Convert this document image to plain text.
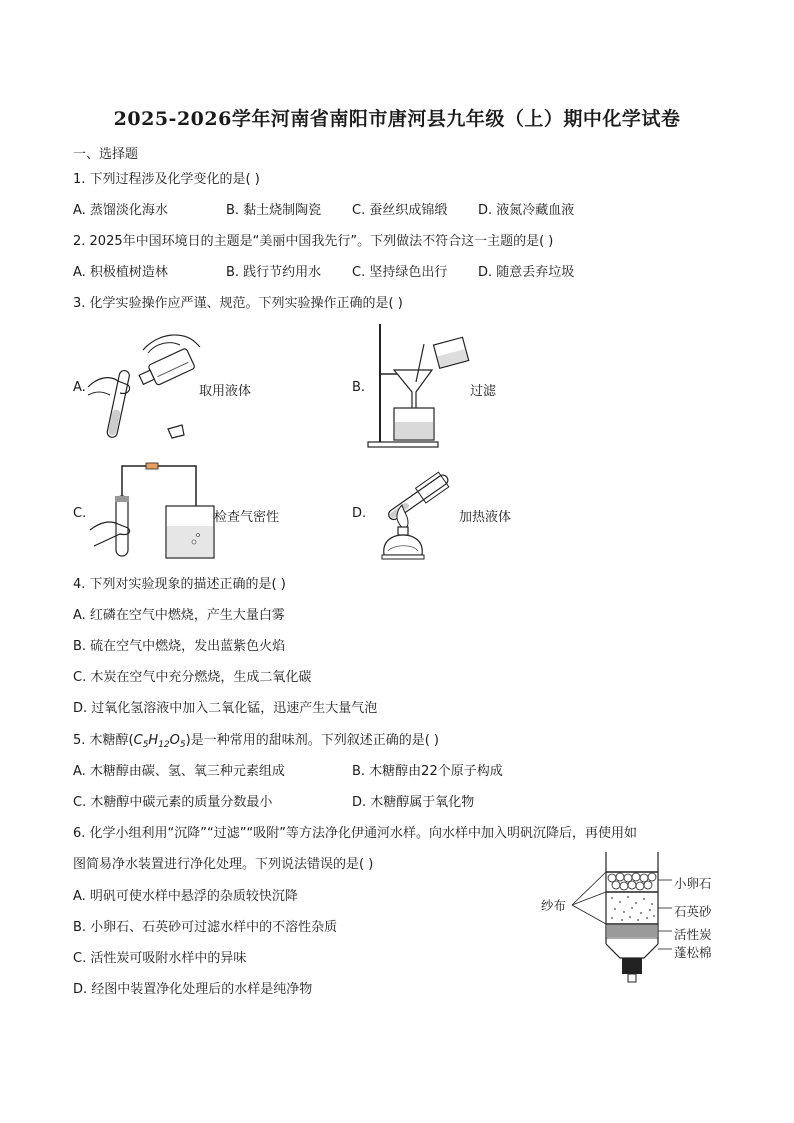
2025-2026学年河南省南阳市唐河县九年级（上）期中化学试卷
一、选择题
1. 下列过程涉及化学变化的是( )
A. 蒸馏淡化海水	B. 黏土烧制陶瓷 C. 蚕丝织成锦缎 D. 液氮冷藏血液
2. 2025年中国环境日的主题是“美丽中国我先行”。下列做法不符合这一主题的是( )
A. 积极植树造林	B. 践行节约用水 C. 坚持绿色出行 D. 随意丢弃垃圾
3. 化学实验操作应严谨、规范。下列实验操作正确的是( )
A.	取用液体	B.	过滤
C.	检查气密性	D.	加热液体
4. 下列对实验现象的描述正确的是( )
A. 红磷在空气中燃烧，产生大量白雾
B. 硫在空气中燃烧，发出蓝紫色火焰
C. 木炭在空气中充分燃烧，生成二氧化碳
D. 过氧化氢溶液中加入二氧化锰，迅速产生大量气泡
5. 木糖醇$(C_5H_{12}O_5)$是一种常用的甜味剂。下列叙述正确的是( )
A. 木糖醇由碳、氢、氧三种元素组成	B. 木糖醇由22个原子构成
C. 木糖醇中碳元素的质量分数最小	D. 木糖醇属于氧化物
6. 化学小组利用“沉降”“过滤”“吸附”等方法净化伊通河水样。向水样中加入明矾沉降后，再使用如
图简易净水装置进行净化处理。下列说法错误的是( )
A. 明矾可使水样中悬浮的杂质较快沉降
B. 小卵石、石英砂可过滤水样中的不溶性杂质
C. 活性炭可吸附水样中的异味
D. 经图中装置净化处理后的水样是纯净物
纱布
小卵石
石英砂
活性炭
蓬松棉
